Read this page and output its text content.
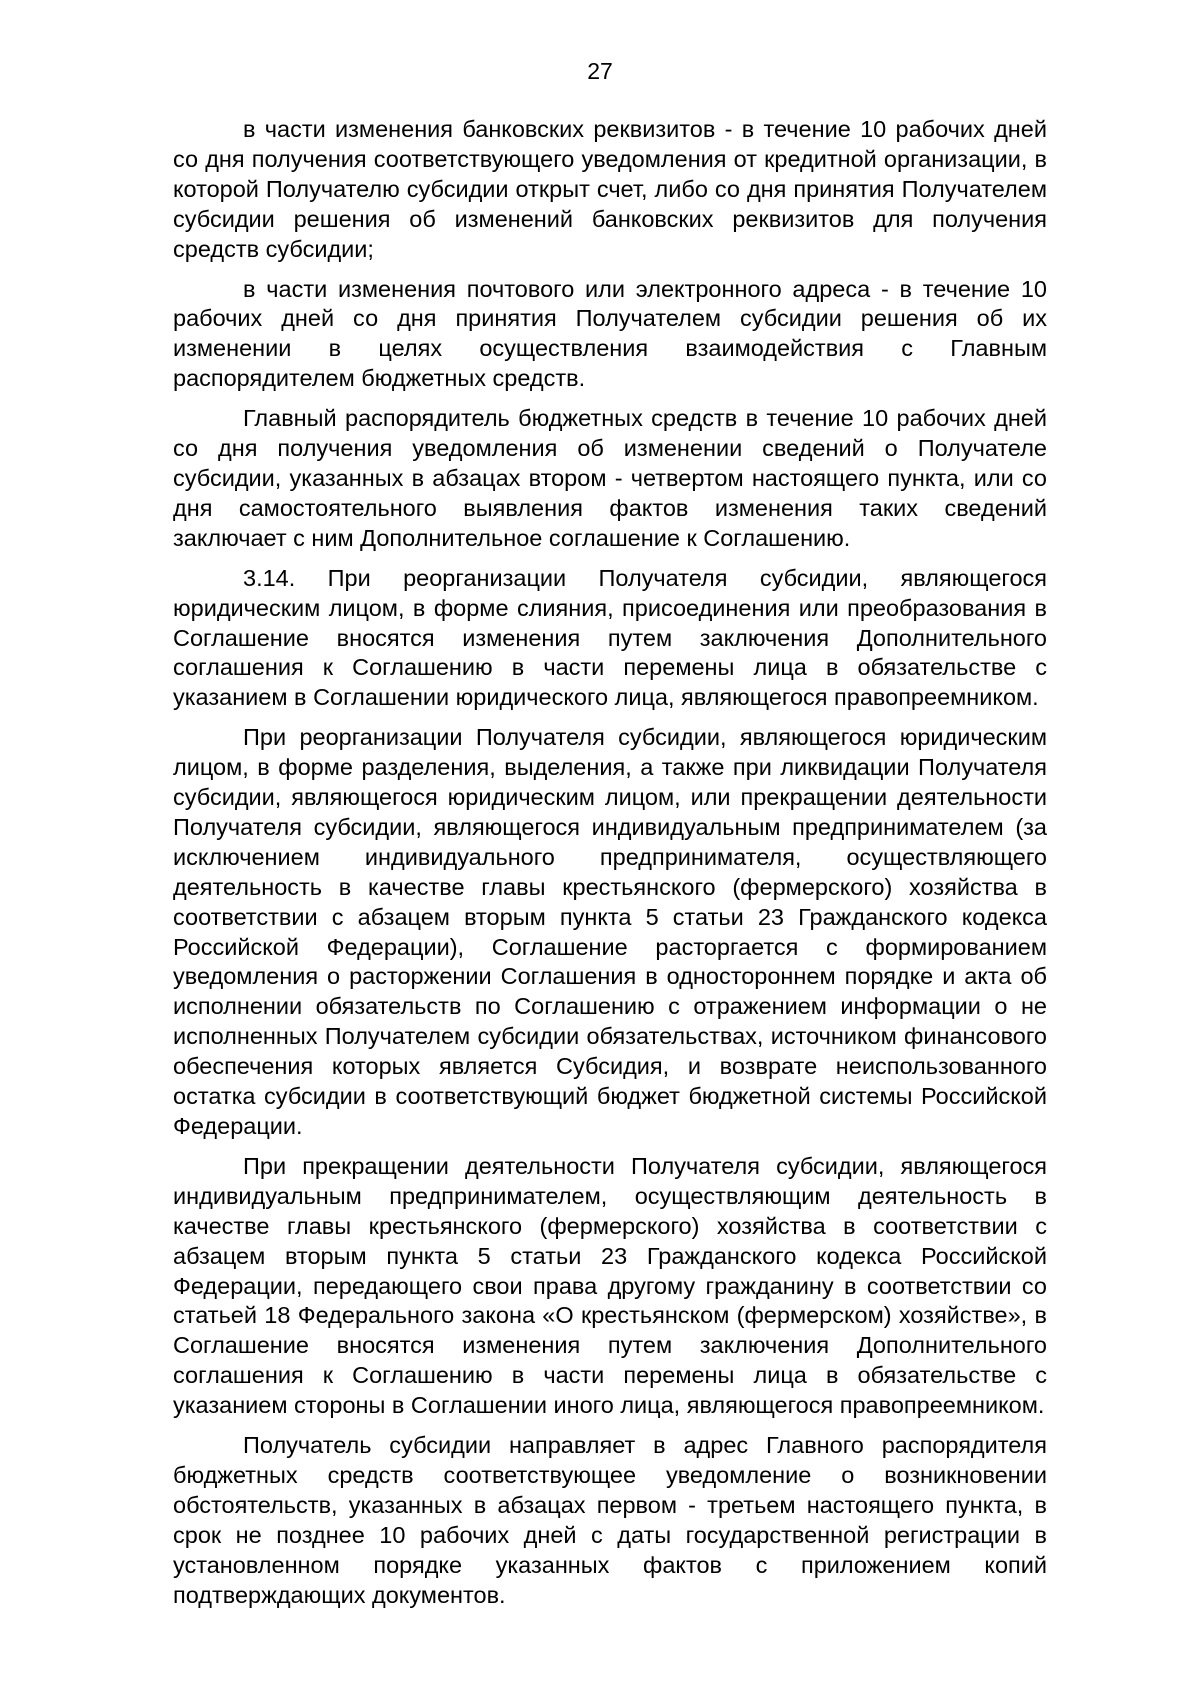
27

в части изменения банковских реквизитов - в течение 10 рабочих дней со дня получения соответствующего уведомления от кредитной организации, в которой Получателю субсидии открыт счет, либо со дня принятия Получателем субсидии решения об изменений банковских реквизитов для получения средств субсидии;

в части изменения почтового или электронного адреса - в течение 10 рабочих дней со дня принятия Получателем субсидии решения об их изменении в целях осуществления взаимодействия с Главным распорядителем бюджетных средств.

Главный распорядитель бюджетных средств в течение 10 рабочих дней со дня получения уведомления об изменении сведений о Получателе субсидии, указанных в абзацах втором - четвертом настоящего пункта, или со дня самостоятельного выявления фактов изменения таких сведений заключает с ним Дополнительное соглашение к Соглашению.

3.14. При реорганизации Получателя субсидии, являющегося юридическим лицом, в форме слияния, присоединения или преобразования в Соглашение вносятся изменения путем заключения Дополнительного соглашения к Соглашению в части перемены лица в обязательстве с указанием в Соглашении юридического лица, являющегося правопреемником.

При реорганизации Получателя субсидии, являющегося юридическим лицом, в форме разделения, выделения, а также при ликвидации Получателя субсидии, являющегося юридическим лицом, или прекращении деятельности Получателя субсидии, являющегося индивидуальным предпринимателем (за исключением индивидуального предпринимателя, осуществляющего деятельность в качестве главы крестьянского (фермерского) хозяйства в соответствии с абзацем вторым пункта 5 статьи 23 Гражданского кодекса Российской Федерации), Соглашение расторгается с формированием уведомления о расторжении Соглашения в одностороннем порядке и акта об исполнении обязательств по Соглашению с отражением информации о не исполненных Получателем субсидии обязательствах, источником финансового обеспечения которых является Субсидия, и возврате неиспользованного остатка субсидии в соответствующий бюджет бюджетной системы Российской Федерации.

При прекращении деятельности Получателя субсидии, являющегося индивидуальным предпринимателем, осуществляющим деятельность в качестве главы крестьянского (фермерского) хозяйства в соответствии с абзацем вторым пункта 5 статьи 23 Гражданского кодекса Российской Федерации, передающего свои права другому гражданину в соответствии со статьей 18 Федерального закона «О крестьянском (фермерском) хозяйстве», в Соглашение вносятся изменения путем заключения Дополнительного соглашения к Соглашению в части перемены лица в обязательстве с указанием стороны в Соглашении иного лица, являющегося правопреемником.

Получатель субсидии направляет в адрес Главного распорядителя бюджетных средств соответствующее уведомление о возникновении обстоятельств, указанных в абзацах первом - третьем настоящего пункта, в срок не позднее 10 рабочих дней с даты государственной регистрации в установленном порядке указанных фактов с приложением копий подтверждающих документов.
